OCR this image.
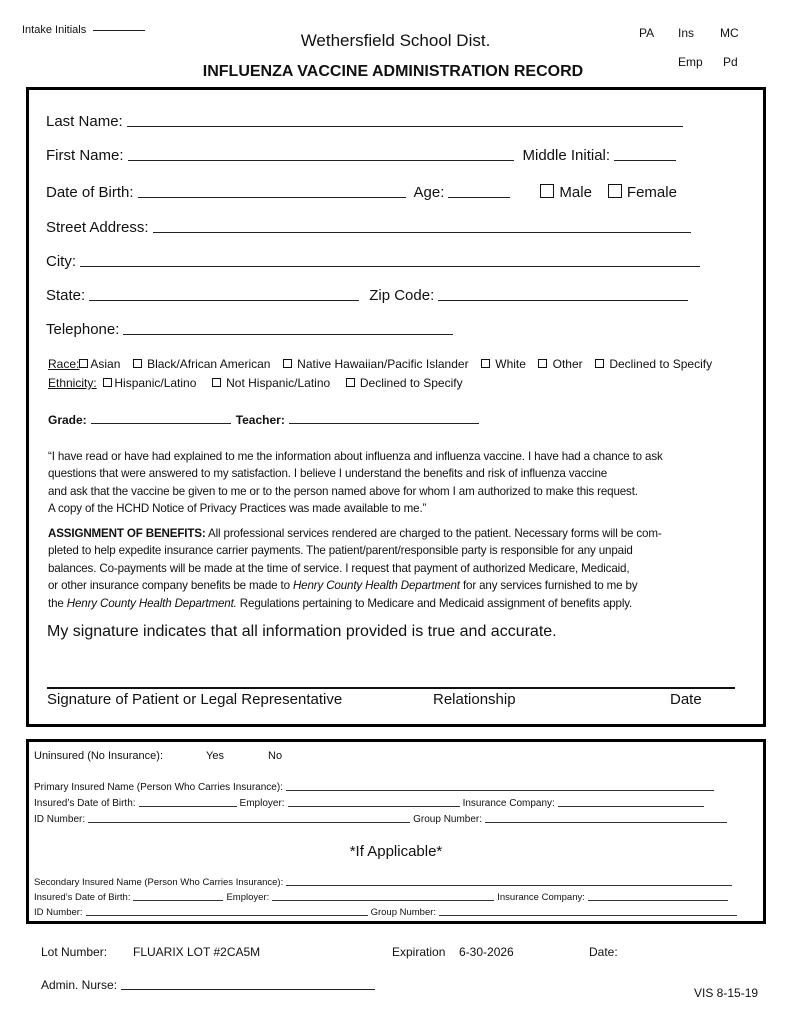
Intake Initials
Wethersfield School Dist.
INFLUENZA VACCINE ADMINISTRATION RECORD
PA Ins MC
Emp Pd
Last Name:
First Name:	Middle Initial:
Date of Birth:	Age:	Male	Female
Street Address:
City:
State:	Zip Code:
Telephone:
Race: Asian Black/African American Native Hawaiian/Pacific Islander White Other Declined to Specify
Ethnicity: Hispanic/Latino Not Hispanic/Latino Declined to Specify
Grade:	Teacher:
“I have read or have had explained to me the information about influenza and influenza vaccine. I have had a chance to ask
questions that were answered to my satisfaction. I believe I understand the benefits and risk of influenza vaccine
and ask that the vaccine be given to me or to the person named above for whom I am authorized to make this request.
A copy of the HCHD Notice of Privacy Practices was made available to me.”
ASSIGNMENT OF BENEFITS: All professional services rendered are charged to the patient. Necessary forms will be com-
pleted to help expedite insurance carrier payments. The patient/parent/responsible party is responsible for any unpaid
balances. Co-payments will be made at the time of service. I request that payment of authorized Medicare, Medicaid,
or other insurance company benefits be made to Henry County Health Department for any services furnished to me by
the Henry County Health Department. Regulations pertaining to Medicare and Medicaid assignment of benefits apply.
My signature indicates that all information provided is true and accurate.
Signature of Patient or Legal Representative	Relationship	Date
Uninsured (No Insurance):	Yes	No
Primary Insured Name (Person Who Carries Insurance):
Insured’s Date of Birth:	Employer:	Insurance Company:
ID Number:	Group Number:
*If Applicable*
Secondary Insured Name (Person Who Carries Insurance):
Insured’s Date of Birth:	Employer:	Insurance Company:
ID Number:	Group Number:
Lot Number: FLUARIX LOT #2CA5M	Expiration 6-30-2026	Date:
Admin. Nurse:
VIS 8-15-19
